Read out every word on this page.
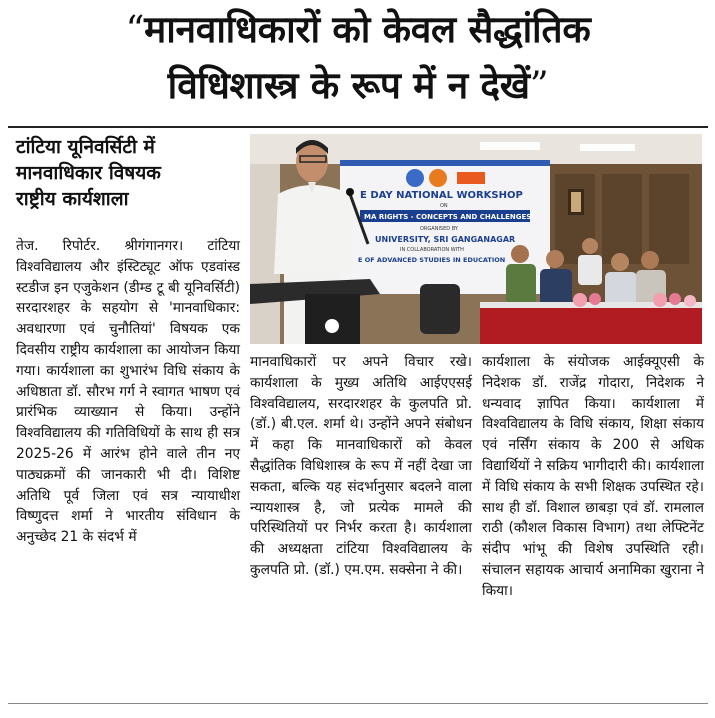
“मानवाधिकारों को केवल सैद्धांतिक
विधिशास्त्र के रूप में न देखें”
टांटिया यूनिवर्सिटी में
मानवाधिकार विषयक
राष्ट्रीय कार्यशाला	E DAY NATIONAL WORKSHOP
ON
MA RIGHTS - CONCEPTS AND CHALLENGES"
ORGANISED BY
UNIVERSITY, SRI GANGANAGAR
IN COLLABORATION WITH
E OF ADVANCED STUDIES IN EDUCATION
तेज. रिपोर्टर. श्रीगंगानगर। टांटिया विश्वविद्यालय और इंस्टिट्यूट ऑफ एडवांस्ड स्टडीज इन एजुकेशन (डीम्ड टू बी यूनिवर्सिटी) सरदारशहर के सहयोग से 'मानवाधिकार: अवधारणा एवं चुनौतियां' विषयक एक दिवसीय राष्ट्रीय कार्यशाला का आयोजन किया गया। कार्यशाला का शुभारंभ विधि संकाय के अधिष्ठाता डॉ. सौरभ गर्ग ने स्वागत भाषण एवं प्रारंभिक व्याख्यान से किया। उन्होंने विश्वविद्यालय की गतिविधियों के साथ ही सत्र 2025-26 में आरंभ होने वाले तीन नए पाठ्यक्रमों की जानकारी भी दी। विशिष्ट अतिथि पूर्व जिला एवं सत्र न्यायाधीश विष्णुदत्त शर्मा ने भारतीय संविधान के अनुच्छेद 21 के संदर्भ में
मानवाधिकारों पर अपने विचार रखे। कार्यशाला के मुख्य अतिथि आईएएसई विश्वविद्यालय, सरदारशहर के कुलपति प्रो. (डॉ.) बी.एल. शर्मा थे। उन्होंने अपने संबोधन में कहा कि मानवाधिकारों को केवल सैद्धांतिक विधिशास्त्र के रूप में नहीं देखा जा सकता, बल्कि यह संदर्भानुसार बदलने वाला न्यायशास्त्र है, जो प्रत्येक मामले की परिस्थितियों पर निर्भर करता है। कार्यशाला की अध्यक्षता टांटिया विश्वविद्यालय के कुलपति प्रो. (डॉ.) एम.एम. सक्सेना ने की।
कार्यशाला के संयोजक आईक्यूएसी के निदेशक डॉ. राजेंद्र गोदारा, निदेशक ने धन्यवाद ज्ञापित किया। कार्यशाला में विश्वविद्यालय के विधि संकाय, शिक्षा संकाय एवं नर्सिंग संकाय के 200 से अधिक विद्यार्थियों ने सक्रिय भागीदारी की। कार्यशाला में विधि संकाय के सभी शिक्षक उपस्थित रहे। साथ ही डॉ. विशाल छाबड़ा एवं डॉ. रामलाल राठी (कौशल विकास विभाग) तथा लेफ्टिनेंट संदीप भांभू की विशेष उपस्थिति रही। संचालन सहायक आचार्य अनामिका खुराना ने किया।
